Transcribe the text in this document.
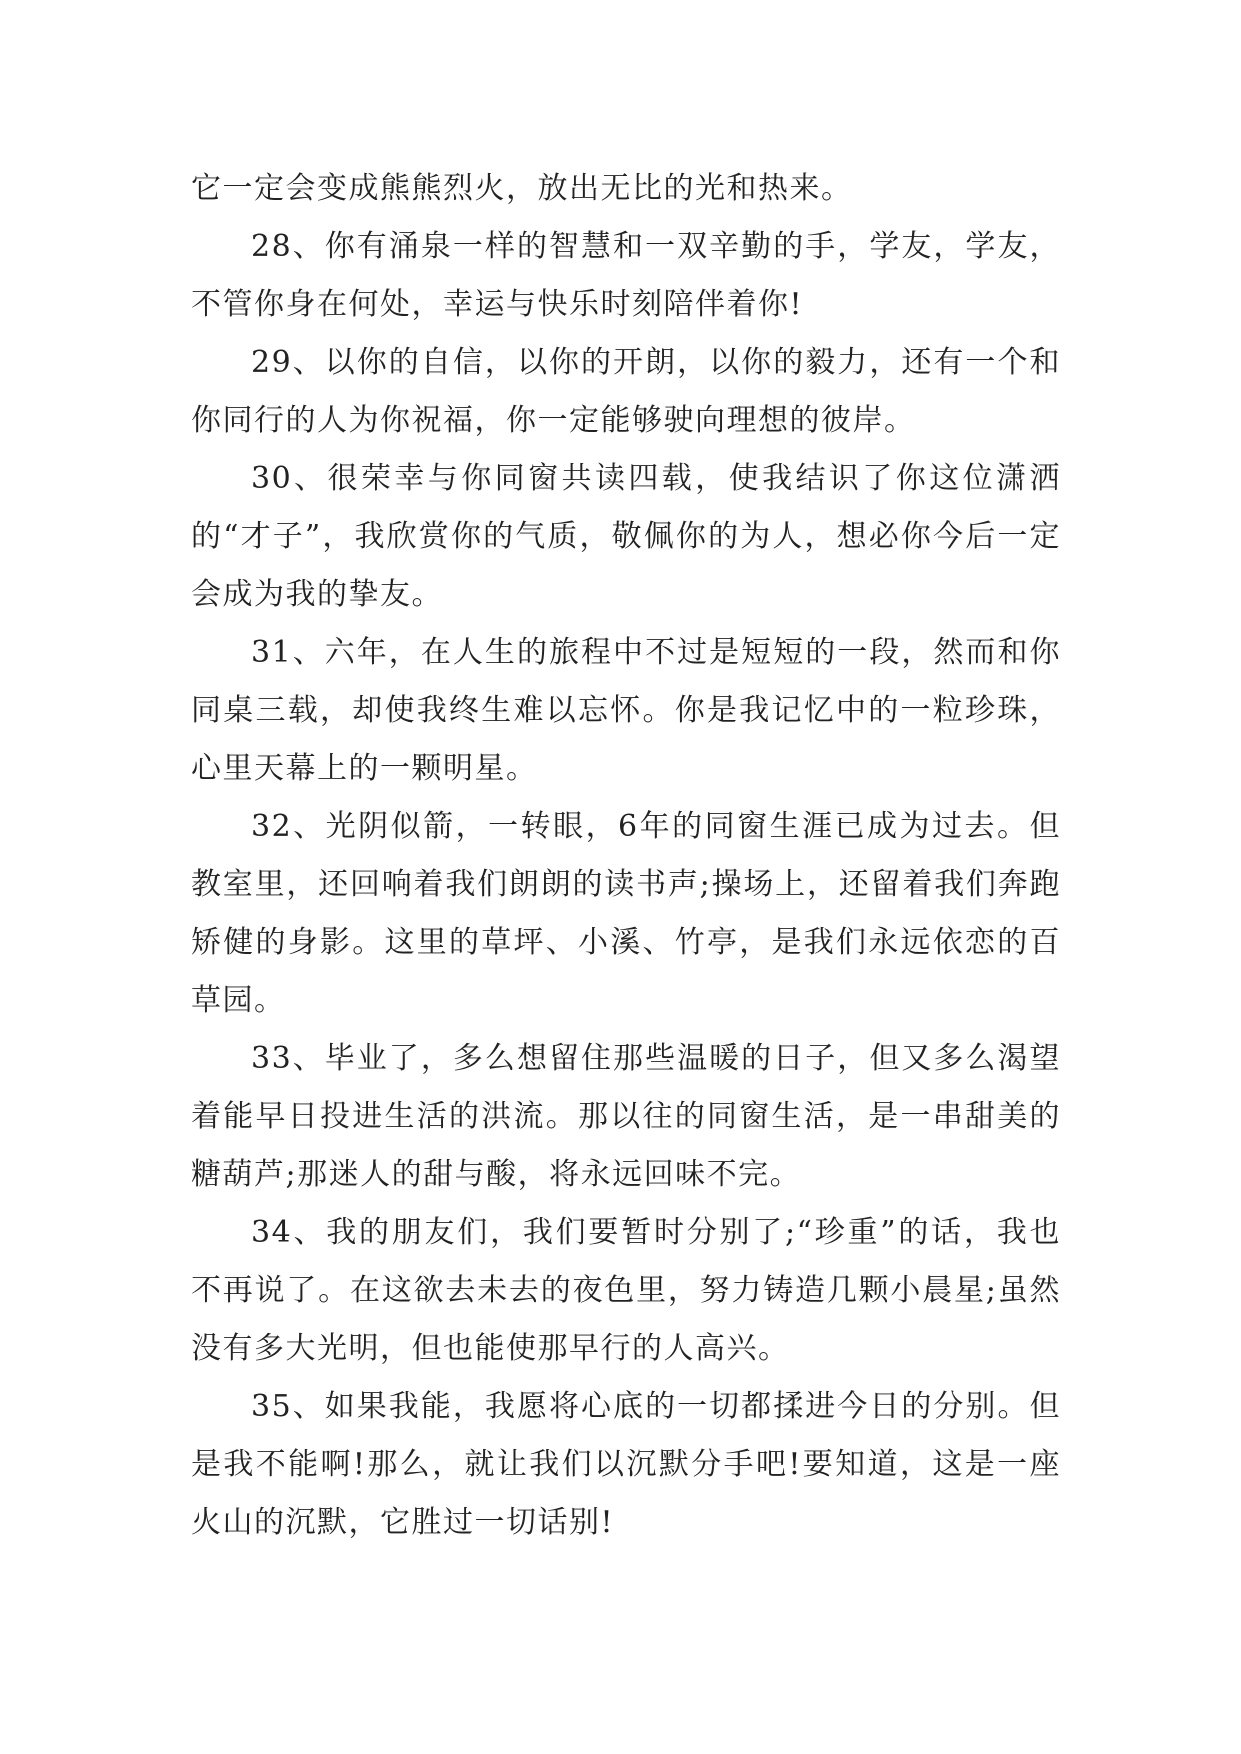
它一定会变成熊熊烈火，放出无比的光和热来。

28、你有涌泉一样的智慧和一双辛勤的手，学友，学友，不管你身在何处，幸运与快乐时刻陪伴着你!

29、以你的自信，以你的开朗，以你的毅力，还有一个和你同行的人为你祝福，你一定能够驶向理想的彼岸。

30、很荣幸与你同窗共读四载，使我结识了你这位潇洒的“才子”，我欣赏你的气质，敬佩你的为人，想必你今后一定会成为我的挚友。

31、六年，在人生的旅程中不过是短短的一段，然而和你同桌三载，却使我终生难以忘怀。你是我记忆中的一粒珍珠，心里天幕上的一颗明星。

32、光阴似箭，一转眼，6年的同窗生涯已成为过去。但教室里，还回响着我们朗朗的读书声;操场上，还留着我们奔跑矫健的身影。这里的草坪、小溪、竹亭，是我们永远依恋的百草园。

33、毕业了，多么想留住那些温暖的日子，但又多么渴望着能早日投进生活的洪流。那以往的同窗生活，是一串甜美的糖葫芦;那迷人的甜与酸，将永远回味不完。

34、我的朋友们，我们要暂时分别了;“珍重”的话，我也不再说了。在这欲去未去的夜色里，努力铸造几颗小晨星;虽然没有多大光明，但也能使那早行的人高兴。

35、如果我能，我愿将心底的一切都揉进今日的分别。但是我不能啊!那么，就让我们以沉默分手吧!要知道，这是一座火山的沉默，它胜过一切话别!
